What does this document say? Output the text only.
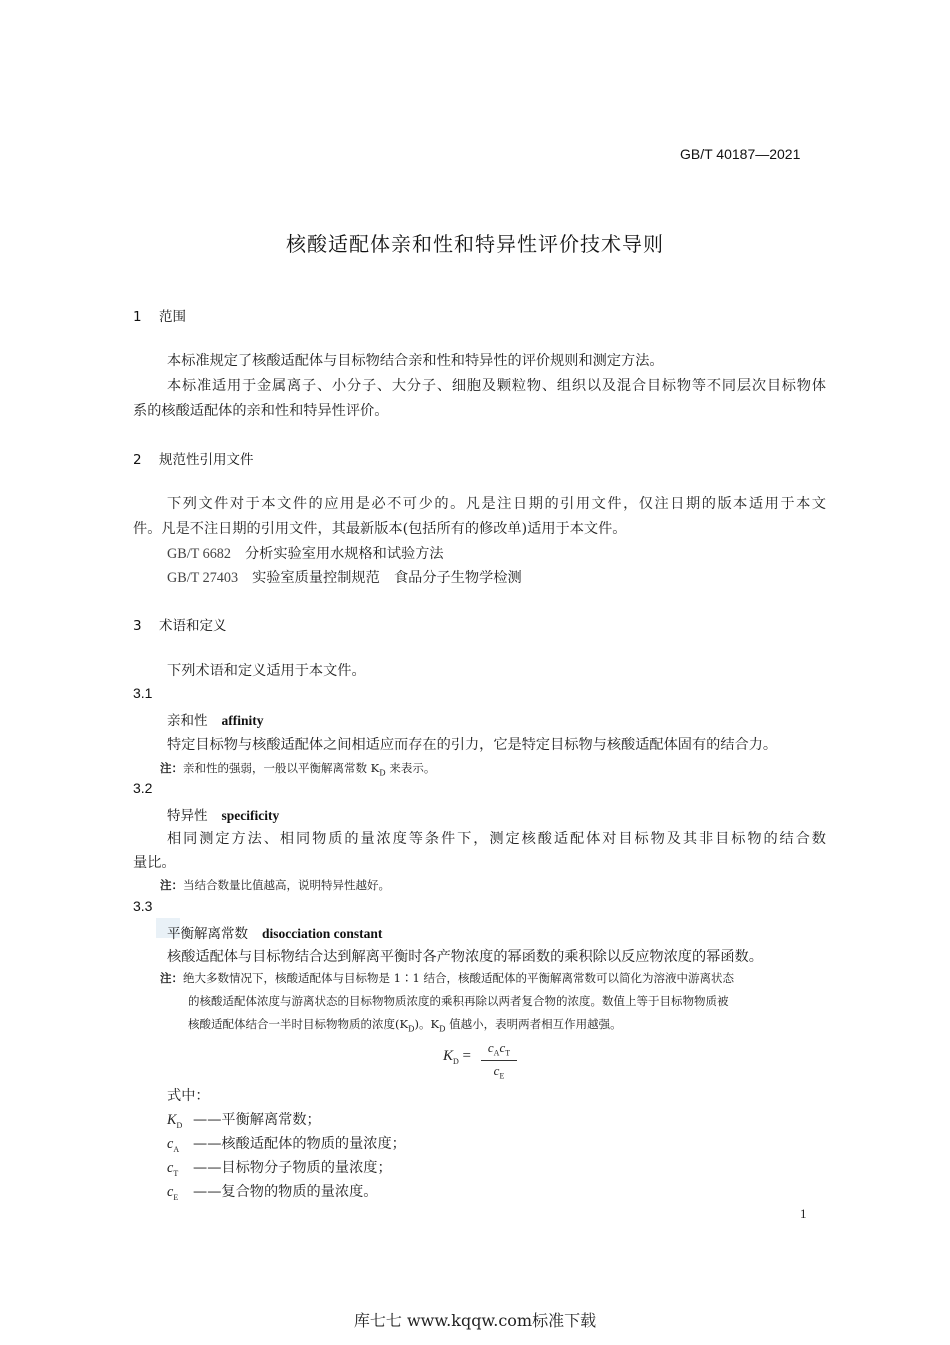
GB/T 40187—2021
核酸适配体亲和性和特异性评价技术导则
1 范围
本标准规定了核酸适配体与目标物结合亲和性和特异性的评价规则和测定方法。
本标准适用于金属离子、小分子、大分子、细胞及颗粒物、组织以及混合目标物等不同层次目标物体
系的核酸适配体的亲和性和特异性评价。
2 规范性引用文件
下列文件对于本文件的应用是必不可少的。凡是注日期的引用文件，仅注日期的版本适用于本文
件。凡是不注日期的引用文件，其最新版本(包括所有的修改单)适用于本文件。
GB/T 6682 分析实验室用水规格和试验方法
GB/T 27403 实验室质量控制规范　食品分子生物学检测
3 术语和定义
下列术语和定义适用于本文件。
3.1
亲和性 affinity
特定目标物与核酸适配体之间相适应而存在的引力，它是特定目标物与核酸适配体固有的结合力。
注：亲和性的强弱，一般以平衡解离常数 $K_D$ 来表示。
3.2
特异性 specificity
相同测定方法、相同物质的量浓度等条件下，测定核酸适配体对目标物及其非目标物的结合数
量比。
注：当结合数量比值越高，说明特异性越好。
3.3
平衡解离常数 disocciation constant
核酸适配体与目标物结合达到解离平衡时各产物浓度的幂函数的乘积除以反应物浓度的幂函数。
注：绝大多数情况下，核酸适配体与目标物是 1∶1 结合，核酸适配体的平衡解离常数可以简化为溶液中游离状态
的核酸适配体浓度与游离状态的目标物物质浓度的乘积再除以两者复合物的浓度。数值上等于目标物物质被
核酸适配体结合一半时目标物物质的浓度$(K_D)$。$K_D$ 值越小，表明两者相互作用越强。
$K_D$ =
$c_Ac_T$
$c_E$
式中：
$K_D$ ——平衡解离常数；
$c_A$ ——核酸适配体的物质的量浓度；
$c_T$ ——目标物分子物质的量浓度；
$c_E$ ——复合物的物质的量浓度。
1
库七七 www.kqqw.com标准下载
